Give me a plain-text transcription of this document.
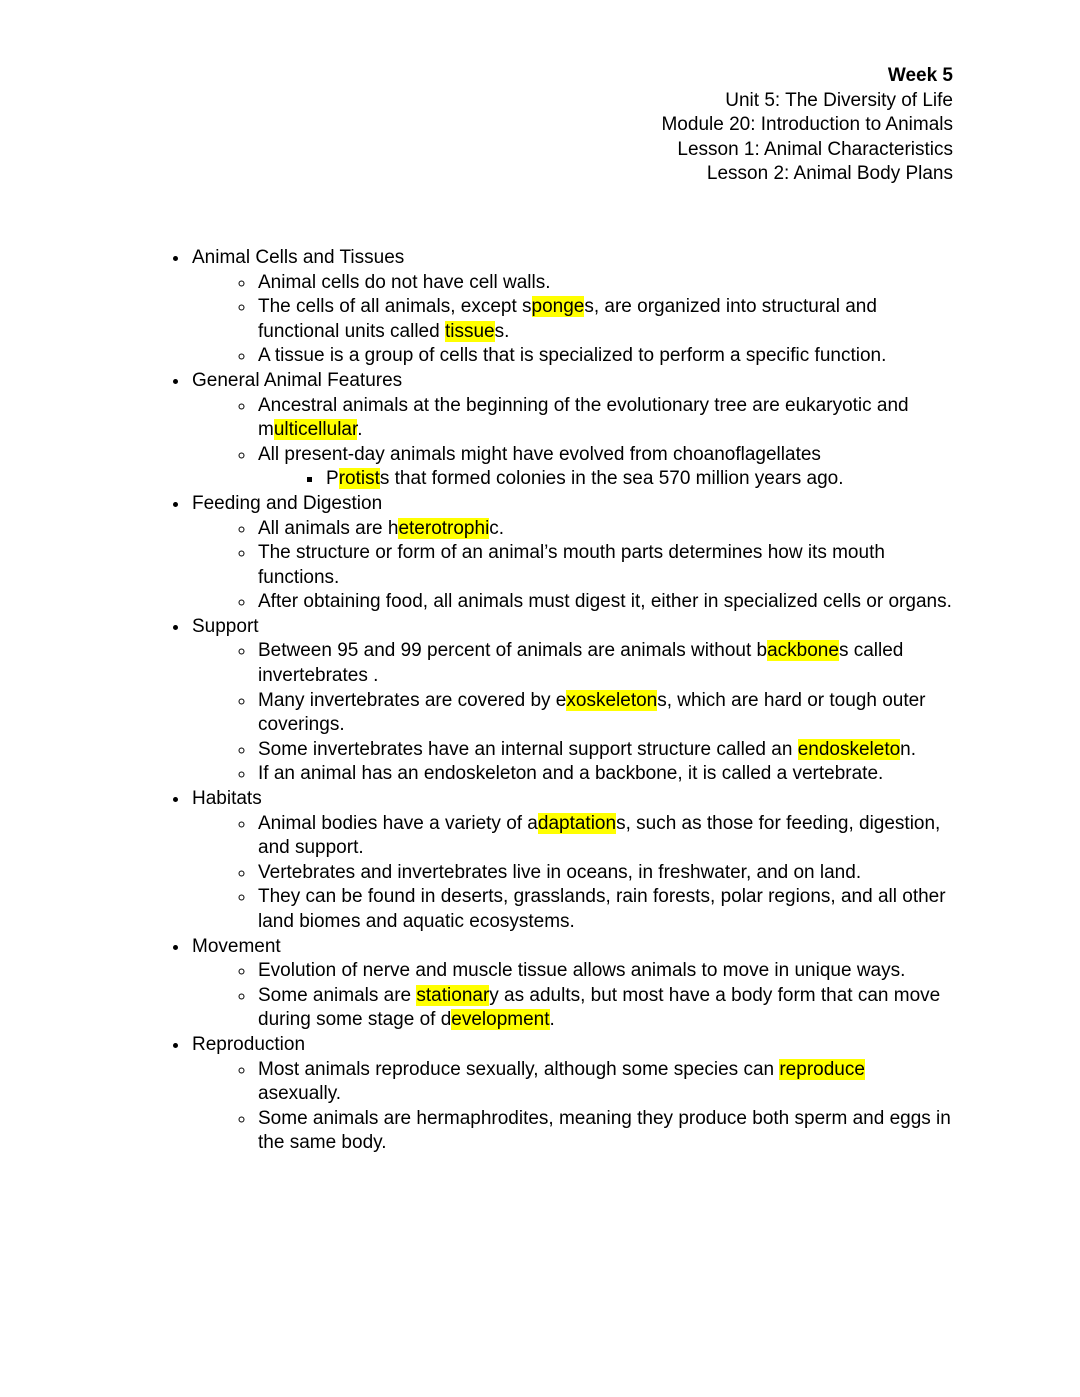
Week 5
Unit 5: The Diversity of Life
Module 20: Introduction to Animals
Lesson 1: Animal Characteristics
Lesson 2: Animal Body Plans
• Animal Cells and Tissues
◦ Animal cells do not have cell walls.
◦ The cells of all animals, except sponges, are organized into structural and functional units called tissues.
◦ A tissue is a group of cells that is specialized to perform a specific function.
• General Animal Features
◦ Ancestral animals at the beginning of the evolutionary tree are eukaryotic and multicellular.
◦ All present-day animals might have evolved from choanoflagellates
▪ Protists that formed colonies in the sea 570 million years ago.
• Feeding and Digestion
◦ All animals are heterotrophic.
◦ The structure or form of an animal’s mouth parts determines how its mouth functions.
◦ After obtaining food, all animals must digest it, either in specialized cells or organs.
• Support
◦ Between 95 and 99 percent of animals are animals without backbones called invertebrates .
◦ Many invertebrates are covered by exoskeletons, which are hard or tough outer coverings.
◦ Some invertebrates have an internal support structure called an endoskeleton.
◦ If an animal has an endoskeleton and a backbone, it is called a vertebrate.
• Habitats
◦ Animal bodies have a variety of adaptations, such as those for feeding, digestion, and support.
◦ Vertebrates and invertebrates live in oceans, in freshwater, and on land.
◦ They can be found in deserts, grasslands, rain forests, polar regions, and all other land biomes and aquatic ecosystems.
• Movement
◦ Evolution of nerve and muscle tissue allows animals to move in unique ways.
◦ Some animals are stationary as adults, but most have a body form that can move during some stage of development.
• Reproduction
◦ Most animals reproduce sexually, although some species can reproduce asexually.
◦ Some animals are hermaphrodites, meaning they produce both sperm and eggs in the same body.
